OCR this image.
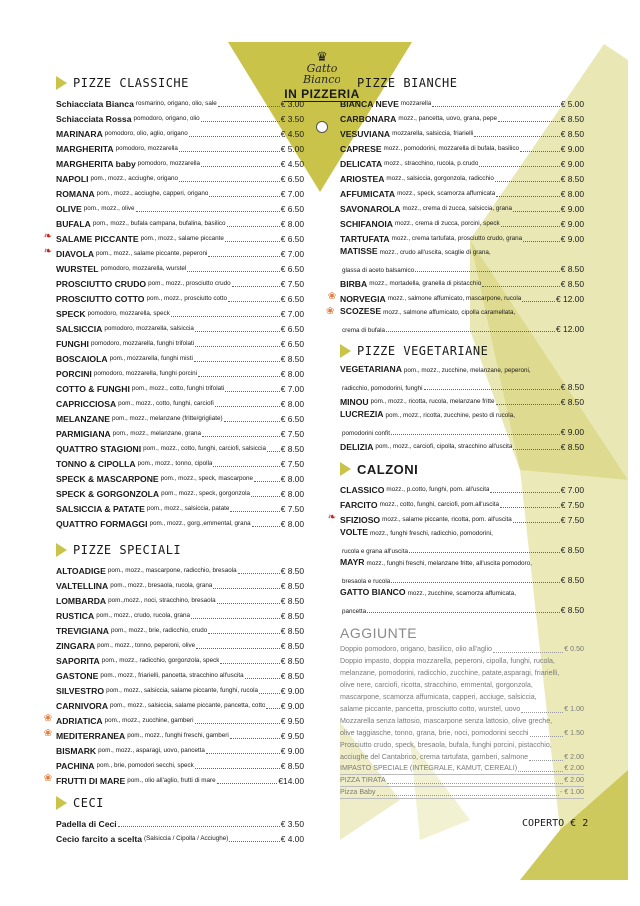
♛
Gatto
Bianco
IN PIZZERIA
PIZZE CLASSICHE
Schiacciata Bianca rosmarino, origano, olio, sale	€ 3.00
Schiacciata Rossa pomodoro, origano, olio	€ 3.50
MARINARA pomodoro, olio, aglio, origano	€ 4.50
MARGHERITA pomodoro, mozzarella	€ 5.00
MARGHERITA baby pomodoro, mozzarella	€ 4.50
NAPOLI pom., mozz., acciughe, origano	€ 6.50
ROMANA pom., mozz., acciughe, capperi, origano	€ 7.00
OLIVE pom., mozz., olive	€ 6.50
BUFALA pom., mozz., bufala campana, bufalina, basilico	€ 8.00
❧ SALAME PICCANTE pom., mozz., salame piccante	€ 6.50
❧ DIAVOLA pom., mozz., salame piccante, peperoni	€ 7.00
WURSTEL pomodoro, mozzarella, wurstel	€ 6.50
PROSCIUTTO CRUDO pom., mozz., prosciutto crudo	€ 7.50
PROSCIUTTO COTTO pom., mozz., prosciutto cotto	€ 6.50
SPECK pomodoro, mozzarella, speck	€ 7.00
SALSICCIA pomodoro, mozzarella, salsiccia	€ 6.50
FUNGHI pomodoro, mozzarella, funghi trifolati	€ 6.50
BOSCAIOLA pom., mozzarella, funghi misti	€ 8.50
PORCINI pomodoro, mozzarella, funghi porcini	€ 8.00
COTTO & FUNGHI pom., mozz., cotto, funghi trifolati	€ 7.00
CAPRICCIOSA pom., mozz., cotto, funghi, carciofi	€ 8.00
MELANZANE pom., mozz., melanzane (fritte/grigliate)	€ 6.50
PARMIGIANA pom., mozz., melanzane, grana	€ 7.50
QUATTRO STAGIONI pom., mozz., cotto, funghi, carciofi, salsiccia € 8.50
TONNO & CIPOLLA pom., mozz., tonno, cipolla	€ 7.50
SPECK & MASCARPONE pom., mozz., speck, mascarpone	€ 8.00
SPECK & GORGONZOLA pom., mozz., speck, gorgonzola	€ 8.00
SALSICCIA & PATATE pom., mozz., salsiccia, patate	€ 7.50
QUATTRO FORMAGGI pom., mozz., gorg.,emmental, grana	€ 8.00
PIZZE SPECIALI
ALTOADIGE pom., mozz., mascarpone, radicchio, bresaola	€ 8.50
VALTELLINA pom., mozz., bresaola, rucola, grana	€ 8.50
LOMBARDA pom.,mozz., noci, stracchino, bresaola	€ 8.50
RUSTICA pom., mozz., crudo, rucola, grana	€ 8.50
TREVIGIANA pom., mozz., brie, radicchio, crudo	€ 8.50
ZINGARA pom., mozz., tonno, peperoni, olive	€ 8.50
SAPORITA pom., mozz., radicchio, gorgonzola, speck	€ 8.50
GASTONE pom., mozz., friarielli, pancetta, stracchino all'uscita	€ 8.50
SILVESTRO pom., mozz., salsiccia, salame piccante, funghi, rucola	€ 9.00
CARNIVORA pom., mozz., salsiccia, salame piccante, pancetta, cotto € 9.00
❀ ADRIATICA pom., mozz., zucchine, gamberi	€ 9.50
❀ MEDITERRANEA pom., mozz., funghi freschi, gamberi	€ 9.50
BISMARK pom., mozz., asparagi, uovo, pancetta	€ 9.00
PACHINA pom., brie, pomodori secchi, speck	€ 8.50
❀ FRUTTI DI MARE pom., olio all'aglio, frutti di mare	€14.00
CECI
Padella di Ceci	€ 3.50
Cecio farcito a scelta (Salsiccia / Cipolla / Acciughe)	€ 4.00
PIZZE BIANCHE
BIANCA NEVE mozzarella	€ 5.00
CARBONARA mozz., pancetta, uovo, grana, pepe	€ 8.50
VESUVIANA mozzarella, salsiccia, friarielli	€ 8.50
CAPRESE mozz., pomodorini, mozzarella di bufala, basilico	€ 9.00
DELICATA mozz., stracchino, rucola, p.crudo	€ 9.00
ARIOSTEA mozz., salsiccia, gorgonzola, radicchio	€ 8.50
AFFUMICATA mozz., speck, scamorza affumicata	€ 8.00
SAVONAROLA mozz., crema di zucca, salsiccia, grana	€ 9.00
SCHIFANOIA mozz., crema di zucca, porcini, speck	€ 9.00
TARTUFATA mozz., crema tartufata, prosciutto crudo, grana	€ 9.00
MATISSE mozz., crudo all'uscita, scaglie di grana,
glassa di aceto balsamico	€ 8.50
BIRBA mozz., mortadella, granella di pistacchio	€ 8.50
❀ NORVEGIA mozz., salmone affumicato, mascarpone, rucola	€ 12.00
❀ SCOZESE mozz., salmone affumicato, cipolla caramellata,
crema di bufala	€ 12.00
PIZZE VEGETARIANE
VEGETARIANA pom., mozz., zucchine, melanzane, peperoni,
radicchio, pomodorini, funghi	€ 8.50
MINOU pom., mozz., ricotta, rucola, melanzane fritte	€ 8.50
LUCREZIA pom., mozz., ricotta, zucchine, pesto di rucola,
pomodorini confit	€ 9.00
DELIZIA pom., mozz., carciofi, cipolla, stracchino all'uscita	€ 8.50
CALZONI
CLASSICO mozz., p.cotto, funghi, pom. all'uscita	€ 7.00
FARCITO mozz., cotto, funghi, carciofi, pom.all'uscita	€ 7.50
❧ SFIZIOSO mozz., salame piccante, ricotta, pom. all'uscita	€ 7.50
VOLTE mozz., funghi freschi, radicchio, pomodorini,
rucola e grana all'uscita	€ 8.50
MAYR mozz., funghi freschi, melanzane fritte, all'uscita pomodoro,
bresaola e rucola	€ 8.50
GATTO BIANCO mozz., zucchine, scamorza affumicata,
pancetta	€ 8.50
AGGIUNTE
Doppio pomodoro, origano, basilico, olio all'aglio	€ 0.50
Doppio impasto, doppia mozzarella, peperoni, cipolla, funghi, rucola,
melanzane, pomodorini, radicchio, zucchine, patate,asparagi, friarielli,
olive nere, carciofi, ricotta, stracchino, emmental, gorgonzola,
mascarpone, scamorza affumicata, capperi, acciuge, salsiccia,
salame piccante, pancetta, prosciutto cotto, wurstel, uovo	€ 1.00
Mozzarella senza lattosio, mascarpone senza lattosio, olive greche,
olive taggiasche, tonno, grana, brie, noci, pomodorini secchi	€ 1.50
Prosciutto crudo, speck, bresaola, bufala, funghi porcini, pistacchio,
acciughe del Cantabrico, crema tartufata, gamberi, salmone	€ 2.00
IMPASTO SPECIALE (INTEGRALE, KAMUT, CEREALI)	€ 2.00
PIZZA TIRATA	€ 2.00
Pizza Baby	- € 1.00
COPERTO € 2
